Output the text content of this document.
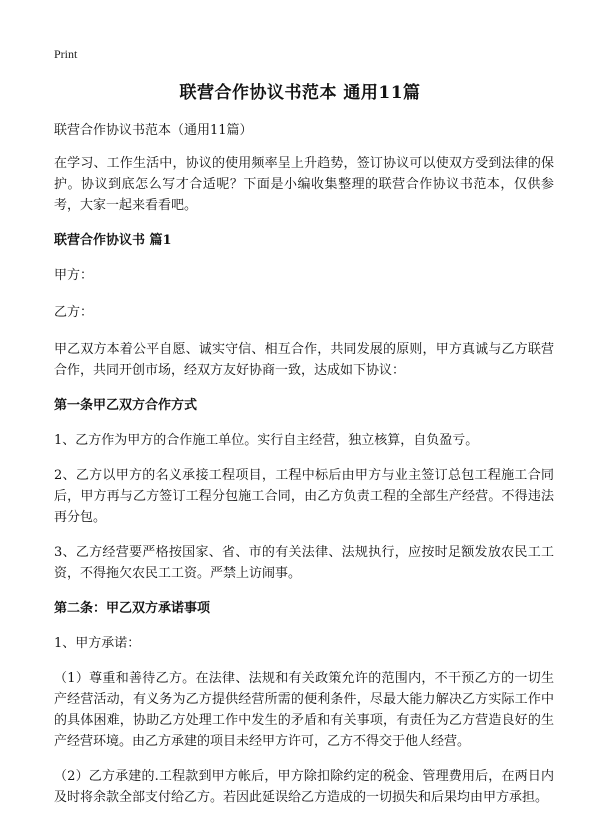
Print
联营合作协议书范本 通用11篇

联营合作协议书范本（通用11篇）

在学习、工作生活中，协议的使用频率呈上升趋势，签订协议可以使双方受到法律的保护。协议到底怎么写才合适呢？下面是小编收集整理的联营合作协议书范本，仅供参考，大家一起来看看吧。

联营合作协议书 篇1

甲方：

乙方：

甲乙双方本着公平自愿、诚实守信、相互合作，共同发展的原则，甲方真诚与乙方联营合作，共同开创市场，经双方友好协商一致，达成如下协议：

第一条甲乙双方合作方式

1、乙方作为甲方的合作施工单位。实行自主经营，独立核算，自负盈亏。

2、乙方以甲方的名义承接工程项目，工程中标后由甲方与业主签订总包工程施工合同后，甲方再与乙方签订工程分包施工合同，由乙方负责工程的全部生产经营。不得违法再分包。

3、乙方经营要严格按国家、省、市的有关法律、法规执行，应按时足额发放农民工工资，不得拖欠农民工工资。严禁上访闹事。

第二条：甲乙双方承诺事项

1、甲方承诺：

（1）尊重和善待乙方。在法律、法规和有关政策允许的范围内，不干预乙方的一切生产经营活动，有义务为乙方提供经营所需的便利条件，尽最大能力解决乙方实际工作中的具体困难，协助乙方处理工作中发生的矛盾和有关事项，有责任为乙方营造良好的生产经营环境。由乙方承建的项目未经甲方许可，乙方不得交于他人经营。

（2）乙方承建的.工程款到甲方帐后，甲方除扣除约定的税金、管理费用后，在两日内及时将余款全部支付给乙方。若因此延误给乙方造成的一切损失和后果均由甲方承担。
